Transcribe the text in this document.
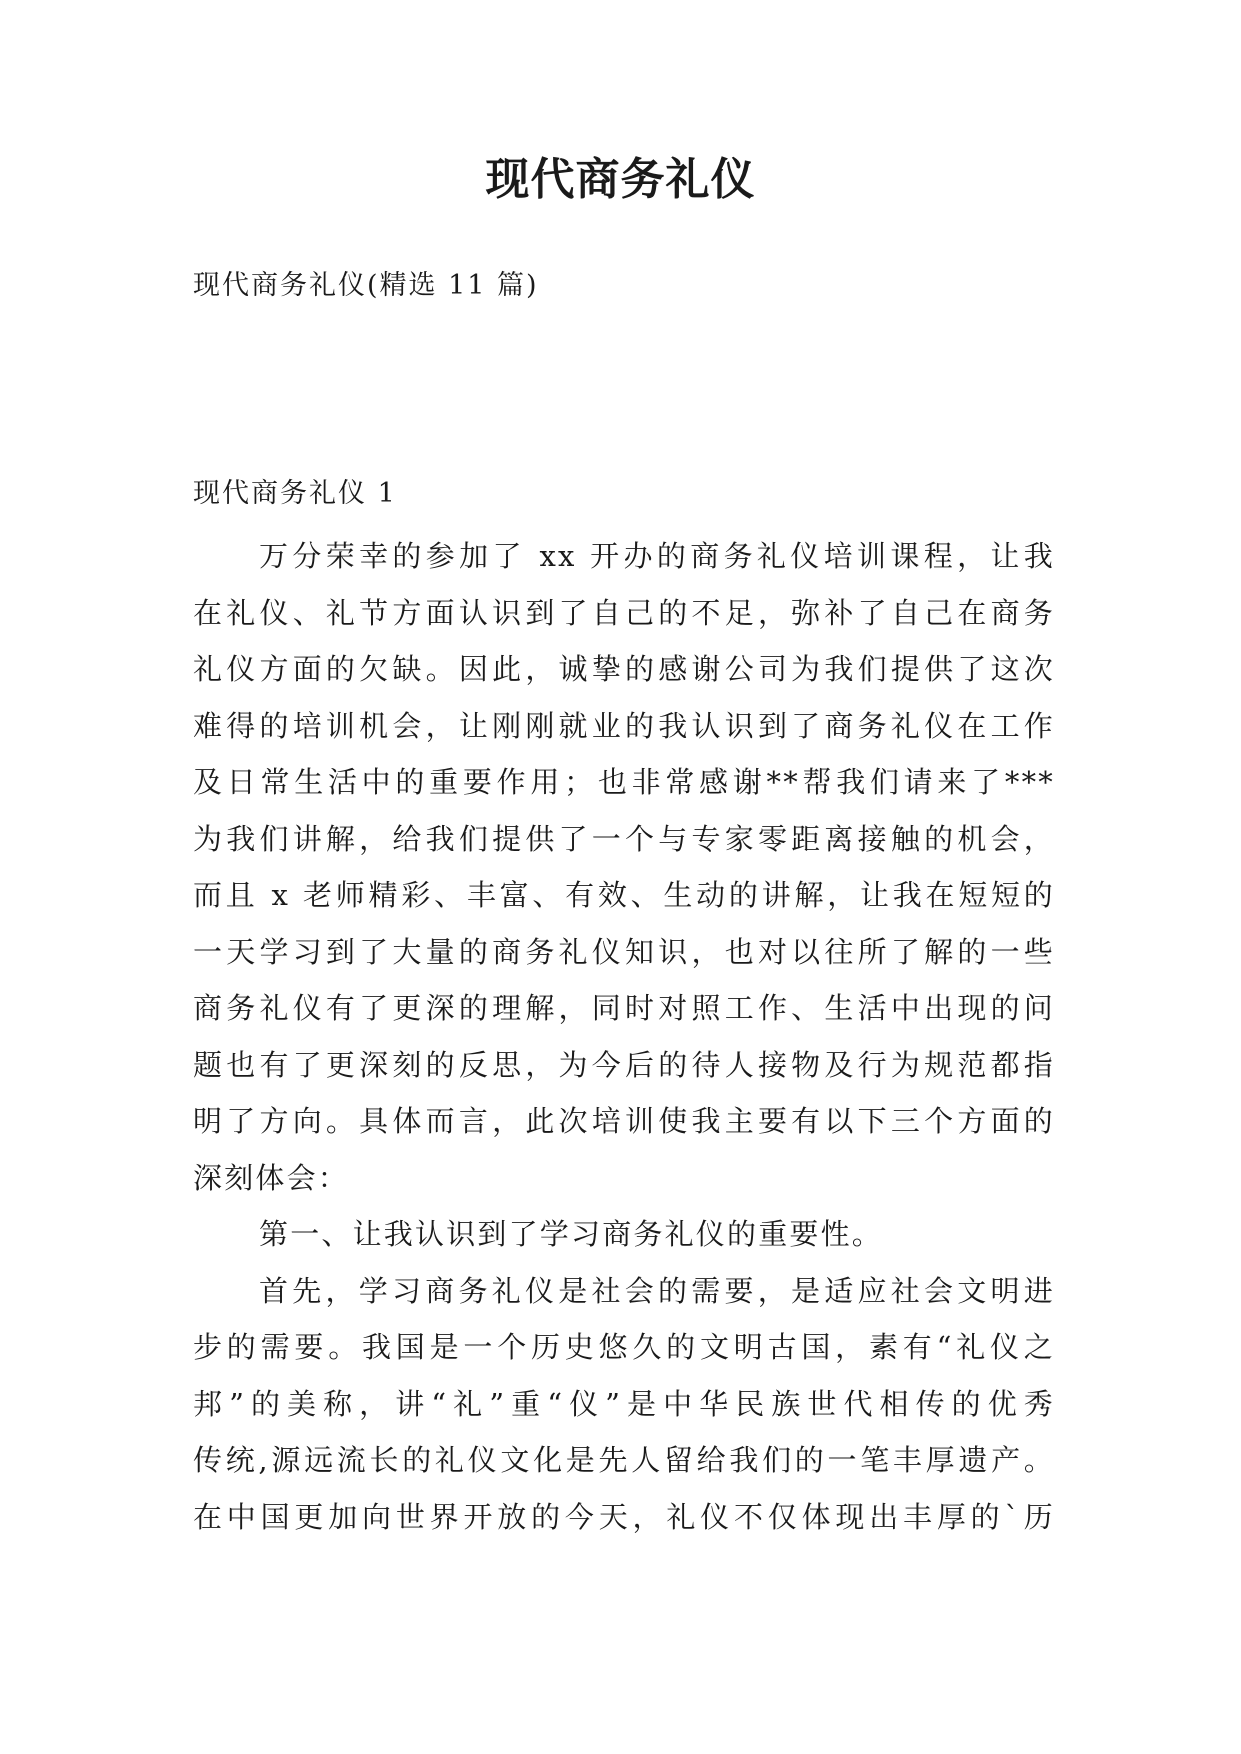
现代商务礼仪
现代商务礼仪(精选 11 篇)
现代商务礼仪 1
万分荣幸的参加了 xx 开办的商务礼仪培训课程，让我
在礼仪、礼节方面认识到了自己的不足，弥补了自己在商务
礼仪方面的欠缺。因此，诚挚的感谢公司为我们提供了这次
难得的培训机会，让刚刚就业的我认识到了商务礼仪在工作
及日常生活中的重要作用；也非常感谢**帮我们请来了***
为我们讲解，给我们提供了一个与专家零距离接触的机会，
而且 x 老师精彩、丰富、有效、生动的讲解，让我在短短的
一天学习到了大量的商务礼仪知识，也对以往所了解的一些
商务礼仪有了更深的理解，同时对照工作、生活中出现的问
题也有了更深刻的反思，为今后的待人接物及行为规范都指
明了方向。具体而言，此次培训使我主要有以下三个方面的
深刻体会：
第一、让我认识到了学习商务礼仪的重要性。
首先，学习商务礼仪是社会的需要，是适应社会文明进
步的需要。我国是一个历史悠久的文明古国，素有“礼仪之
邦”的美称，讲“礼”重“仪”是中华民族世代相传的优秀
传统,源远流长的礼仪文化是先人留给我们的一笔丰厚遗产。
在中国更加向世界开放的今天，礼仪不仅体现出丰厚的`历
